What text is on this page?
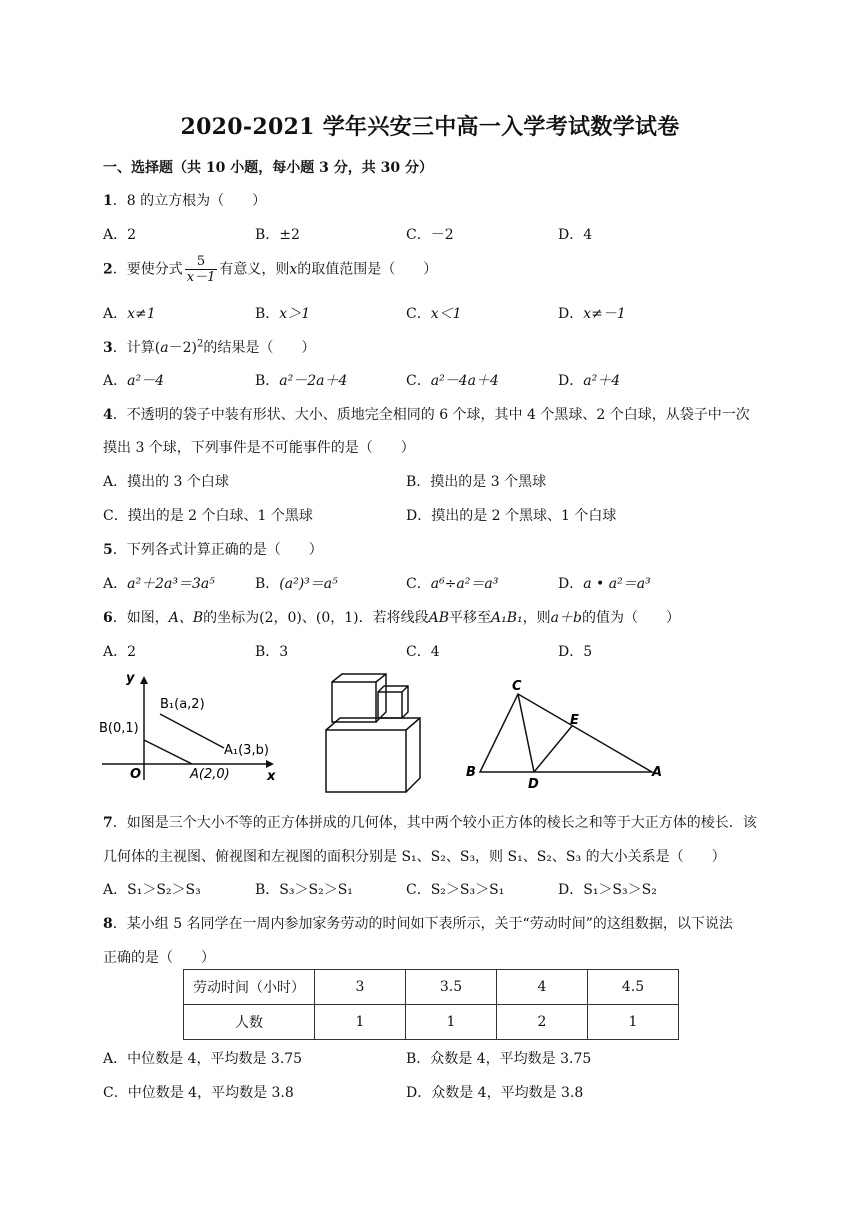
2020-2021 学年兴安三中高一入学考试数学试卷
一、选择题（共 10 小题，每小题 3 分，共 30 分）
1．8 的立方根为（　　）
A．2	B．±2	C．－2	D．4
2．要使分式 $\frac{5}{x-1}$ 有意义，则x的取值范围是（　　）
A．x≠1	B．x＞1	C．x＜1	D．x≠－1
3．计算$(a-2)^2$的结果是（　　）
A．a²－4	B．a²－2a＋4	C．a²－4a＋4	D．a²＋4
4．不透明的袋子中装有形状、大小、质地完全相同的 6 个球，其中 4 个黑球、2 个白球，从袋子中一次
摸出 3 个球，下列事件是不可能事件的是（　　）
A．摸出的 3 个白球	B．摸出的是 3 个黑球
C．摸出的是 2 个白球、1 个黑球	D．摸出的是 2 个黑球、1 个白球
5．下列各式计算正确的是（　　）
A．a²＋2a³＝3a⁵	B．(a²)³＝a⁵	C．a⁶÷a²＝a³	D．a • a²＝a³
6．如图，A、B的坐标为(2，0)、(0，1)．若将线段AB平移至A₁B₁，则a＋b的值为（　　）
A．2	B．3	C．4	D．5
y
x
O
B(0,1)
A(2,0)
B₁(a,2)
A₁(3,b)
C
E
B
D
A
7．如图是三个大小不等的正方体拼成的几何体，其中两个较小正方体的棱长之和等于大正方体的棱长．该
几何体的主视图、俯视图和左视图的面积分别是 S₁、S₂、S₃，则 S₁、S₂、S₃ 的大小关系是（　　）
A．S₁＞S₂＞S₃	B．S₃＞S₂＞S₁	C．S₂＞S₃＞S₁	D．S₁＞S₃＞S₂
8．某小组 5 名同学在一周内参加家务劳动的时间如下表所示，关于“劳动时间”的这组数据，以下说法
正确的是（　　）
劳动时间（小时）	3	3.5	4	4.5
人数	1	1	2	1
A．中位数是 4，平均数是 3.75	B．众数是 4，平均数是 3.75
C．中位数是 4，平均数是 3.8	D．众数是 4，平均数是 3.8
